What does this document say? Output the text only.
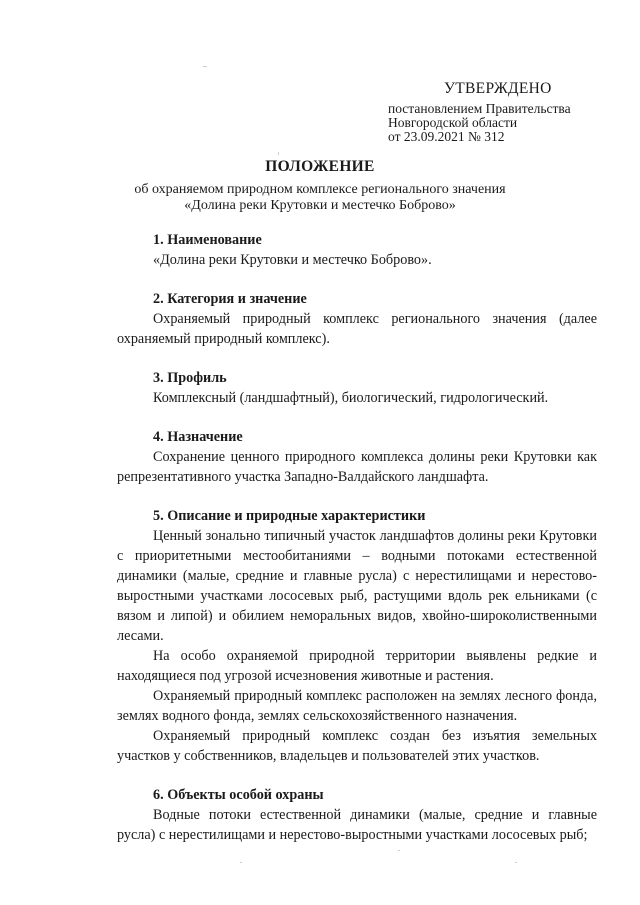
УТВЕРЖДЕНО
постановлением Правительства
Новгородской области
от 23.09.2021 № 312
ПОЛОЖЕНИЕ
об охраняемом природном комплексе регионального значения
«Долина реки Крутовки и местечко Боброво»
1. Наименование
«Долина реки Крутовки и местечко Боброво».
2. Категория и значение
Охраняемый природный комплекс регионального значения (далее охраняемый природный комплекс).
3. Профиль
Комплексный (ландшафтный), биологический, гидрологический.
4. Назначение
Сохранение ценного природного комплекса долины реки Крутовки как репрезентативного участка Западно-Валдайского ландшафта.
5. Описание и природные характеристики
Ценный зонально типичный участок ландшафтов долины реки Крутовки с приоритетными местообитаниями – водными потоками естественной динамики (малые, средние и главные русла) с нерестилищами и нерестово-выростными участками лососевых рыб, растущими вдоль рек ельниками (с вязом и липой) и обилием неморальных видов, хвойно-широколиственными лесами.
На особо охраняемой природной территории выявлены редкие и находящиеся под угрозой исчезновения животные и растения.
Охраняемый природный комплекс расположен на землях лесного фонда, землях водного фонда, землях сельскохозяйственного назначения.
Охраняемый природный комплекс создан без изъятия земельных участков у собственников, владельцев и пользователей этих участков.
6. Объекты особой охраны
Водные потоки естественной динамики (малые, средние и главные русла) с нерестилищами и нерестово-выростными участками лососевых рыб;
